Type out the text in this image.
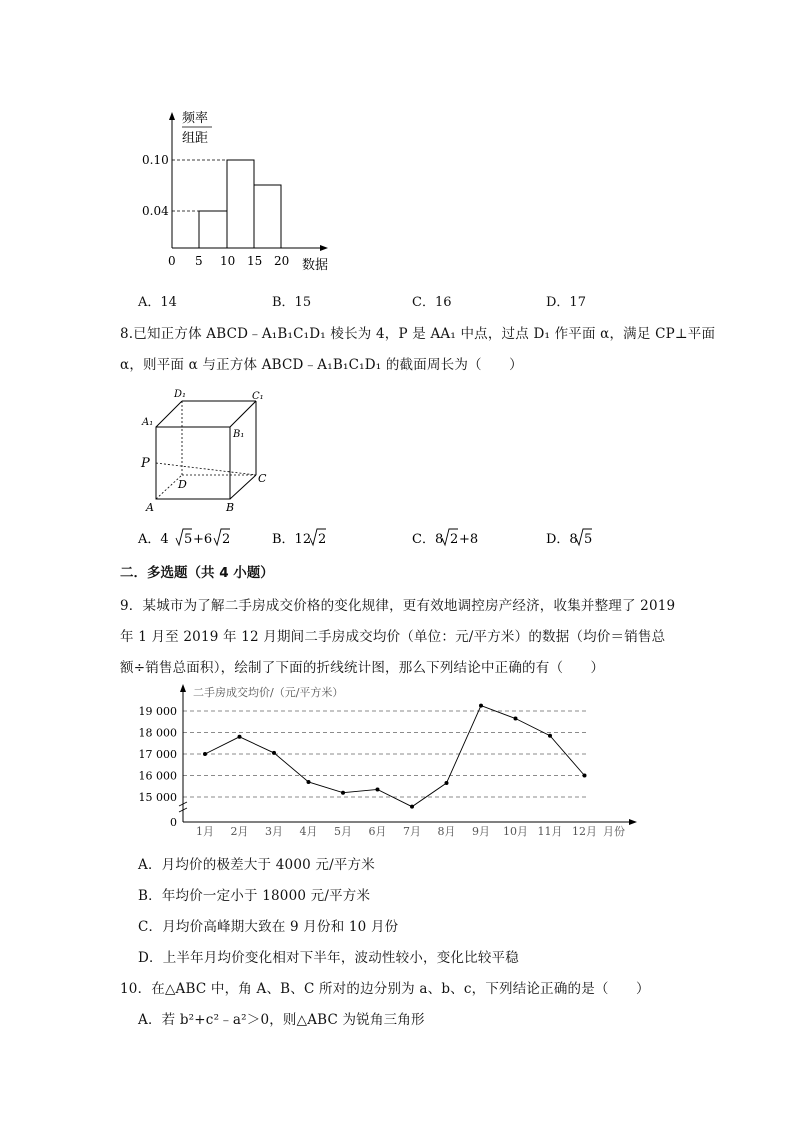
频率
组距
0.10
0.04
0 5 10 15 20 数据
A．14	B．15	C．16	D．17
8.已知正方体 ABCD﹣A₁B₁C₁D₁ 棱长为 4，P 是 AA₁ 中点，过点 D₁ 作平面 α，满足 CP⊥平面
α，则平面 α 与正方体 ABCD﹣A₁B₁C₁D₁ 的截面周长为（　　）
D₁	C₁
A₁
B₁
P
D	C
A	B
A．4 5 +6 2	B．12 2	C．8 2 +8	D．8 5
二．多选题（共 4 小题）
9．某城市为了解二手房成交价格的变化规律，更有效地调控房产经济，收集并整理了 2019
年 1 月至 2019 年 12 月期间二手房成交均价（单位：元/平方米）的数据（均价＝销售总
额÷销售总面积），绘制了下面的折线统计图，那么下列结论中正确的有（　　）
二手房成交均价/（元/平方米）
19 000
18 000
17 000
16 000
15 000
0
1月 2月 3月 4月 5月 6月 7月 8月 9月 10月 11月 12月 月份
A．月均价的极差大于 4000 元/平方米
B．年均价一定小于 18000 元/平方米
C．月均价高峰期大致在 9 月份和 10 月份
D．上半年月均价变化相对下半年，波动性较小，变化比较平稳
10．在△ABC 中，角 A、B、C 所对的边分别为 a、b、c，下列结论正确的是（　　）
A．若 b²+c²﹣a²＞0，则△ABC 为锐角三角形
